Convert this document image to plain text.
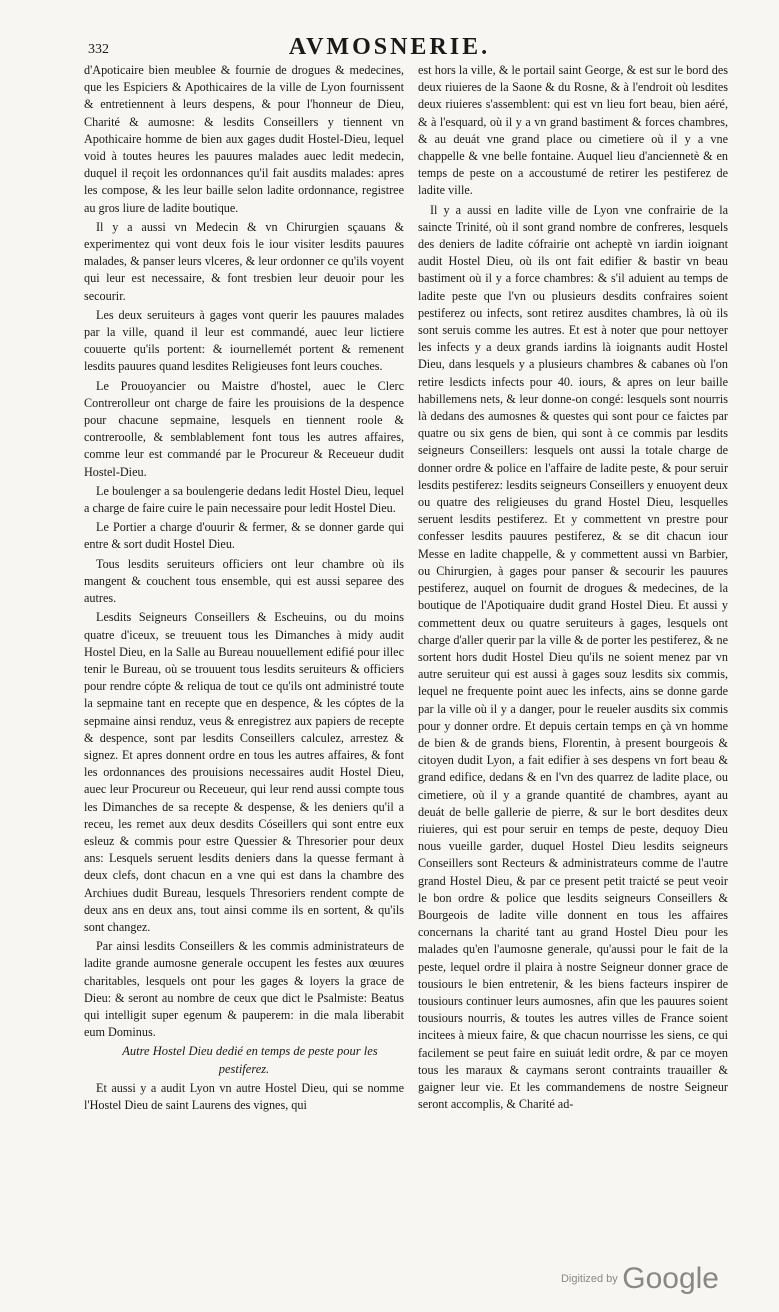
332	AVMOSNERIE.

d'Apoticaire bien meublee & fournie de drogues & medecines, que les Espiciers & Apothicaires de la ville de Lyon fournissent & entretiennent à leurs despens, & pour l'honneur de Dieu, Charité & aumosne: & lesdits Conseillers y tiennent vn Apothicaire homme de bien aux gages dudit Hostel-Dieu, lequel void à toutes heures les pauures malades auec ledit medecin, duquel il reçoit les ordonnances qu'il fait ausdits malades: apres les compose, & les leur baille selon ladite ordonnance, registree au gros liure de ladite boutique.

Il y a aussi vn Medecin & vn Chirurgien sçauans & experimentez qui vont deux fois le iour visiter lesdits pauures malades, & panser leurs vlceres, & leur ordonner ce qu'ils voyent qui leur est necessaire, & font tresbien leur deuoir pour les secourir.

Les deux seruiteurs à gages vont querir les pauures malades par la ville, quand il leur est commandé, auec leur lictiere couuerte qu'ils portent: & iournellemét portent & remenent lesdits pauures quand lesdites Religieuses font leurs couches.

Le Prouoyancier ou Maistre d'hostel, auec le Clerc Contrerolleur ont charge de faire les prouisions de la despence pour chacune sepmaine, lesquels en tiennent roole & contreroolle, & semblablement font tous les autres affaires, comme leur est commandé par le Procureur & Receueur dudit Hostel-Dieu.

Le boulenger a sa boulengerie dedans ledit Hostel Dieu, lequel a charge de faire cuire le pain necessaire pour ledit Hostel Dieu.

Le Portier a charge d'ouurir & fermer, & se donner garde qui entre & sort dudit Hostel Dieu.

Tous lesdits seruiteurs officiers ont leur chambre où ils mangent & couchent tous ensemble, qui est aussi separee des autres.

Lesdits Seigneurs Conseillers & Escheuins, ou du moins quatre d'iceux, se treuuent tous les Dimanches à midy audit Hostel Dieu, en la Salle au Bureau nouuellement edifié pour illec tenir le Bureau, où se trouuent tous lesdits seruiteurs & officiers pour rendre cópte & reliqua de tout ce qu'ils ont administré toute la sepmaine tant en recepte que en despence, & les cóptes de la sepmaine ainsi renduz, veus & enregistrez aux papiers de recepte & despence, sont par lesdits Conseillers calculez, arrestez & signez. Et apres donnent ordre en tous les autres affaires, & font les ordonnances des prouisions necessaires audit Hostel Dieu, auec leur Procureur ou Receueur, qui leur rend aussi compte tous les Dimanches de sa recepte & despense, & les deniers qu'il a receu, les remet aux deux desdits Cóseillers qui sont entre eux esleuz & commis pour estre Quessier & Thresorier pour deux ans: Lesquels seruent lesdits deniers dans la quesse fermant à deux clefs, dont chacun en a vne qui est dans la chambre des Archiues dudit Bureau, lesquels Thresoriers rendent compte de deux ans en deux ans, tout ainsi comme ils en sortent, & qu'ils sont changez.

Par ainsi lesdits Conseillers & les commis administrateurs de ladite grande aumosne generale occupent les festes aux œuures charitables, lesquels ont pour les gages & loyers la grace de Dieu: & seront au nombre de ceux que dict le Psalmiste: Beatus qui intelligit super egenum & pauperem: in die mala liberabit eum Dominus.

Autre Hostel Dieu dedié en temps de peste pour les pestiferez.

Et aussi y a audit Lyon vn autre Hostel Dieu, qui se nomme l'Hostel Dieu de saint Laurens des vignes, qui

est hors la ville, & le portail saint George, & est sur le bord des deux riuieres de la Saone & du Rosne, & à l'endroit où lesdites deux riuieres s'assemblent: qui est vn lieu fort beau, bien aéré, & à l'esquard, où il y a vn grand bastiment & forces chambres, & au deuát vne grand place ou cimetiere où il y a vne chappelle & vne belle fontaine. Auquel lieu d'anciennetè & en temps de peste on a accoustumé de retirer les pestiferez de ladite ville.

Il y a aussi en ladite ville de Lyon vne confrairie de la saincte Trinité, où il sont grand nombre de confreres, lesquels des deniers de ladite cófrairie ont acheptè vn iardin ioignant audit Hostel Dieu, où ils ont fait edifier & bastir vn beau bastiment où il y a force chambres: & s'il aduient au temps de ladite peste que l'vn ou plusieurs desdits confraires soient pestiferez ou infects, sont retirez ausdites chambres, là où ils sont seruis comme les autres. Et est à noter que pour nettoyer les infects y a deux grands iardins là ioignants audit Hostel Dieu, dans lesquels y a plusieurs chambres & cabanes où l'on retire lesdicts infects pour 40. iours, & apres on leur baille habillemens nets, & leur donne-on congé: lesquels sont nourris là dedans des aumosnes & questes qui sont pour ce faictes par quatre ou six gens de bien, qui sont à ce commis par lesdits seigneurs Conseillers: lesquels ont aussi la totale charge de donner ordre & police en l'affaire de ladite peste, & pour seruir lesdits pestiferez: lesdits seigneurs Conseillers y enuoyent deux ou quatre des religieuses du grand Hostel Dieu, lesquelles seruent lesdits pestiferez. Et y commettent vn prestre pour confesser lesdits pauures pestiferez, & se dit chacun iour Messe en ladite chappelle, & y commettent aussi vn Barbier, ou Chirurgien, à gages pour panser & secourir les pauures pestiferez, auquel on fournit de drogues & medecines, de la boutique de l'Apotiquaire dudit grand Hostel Dieu. Et aussi y commettent deux ou quatre seruiteurs à gages, lesquels ont charge d'aller querir par la ville & de porter les pestiferez, & ne sortent hors dudit Hostel Dieu qu'ils ne soient menez par vn autre seruiteur qui est aussi à gages souz lesdits six commis, lequel ne frequente point auec les infects, ains se donne garde par la ville où il y a danger, pour le reueler ausdits six commis pour y donner ordre. Et depuis certain temps en çà vn homme de bien & de grands biens, Florentin, à present bourgeois & citoyen dudit Lyon, a fait edifier à ses despens vn fort beau & grand edifice, dedans & en l'vn des quarrez de ladite place, ou cimetiere, où il y a grande quantité de chambres, ayant au deuát de belle gallerie de pierre, & sur le bort desdites deux riuieres, qui est pour seruir en temps de peste, dequoy Dieu nous vueille garder, duquel Hostel Dieu lesdits seigneurs Conseillers sont Recteurs & administrateurs comme de l'autre grand Hostel Dieu, & par ce present petit traicté se peut veoir le bon ordre & police que lesdits seigneurs Conseillers & Bourgeois de ladite ville donnent en tous les affaires concernans la charité tant au grand Hostel Dieu pour les malades qu'en l'aumosne generale, qu'aussi pour le fait de la peste, lequel ordre il plaira à nostre Seigneur donner grace de tousiours le bien entretenir, & les biens facteurs inspirer de tousiours continuer leurs aumosnes, afin que les pauures soient tousiours nourris, & toutes les autres villes de France soient incitees à mieux faire, & que chacun nourrisse les siens, ce qui facilement se peut faire en suiuát ledit ordre, & par ce moyen tous les maraux & caymans seront contraints trauailler & gaigner leur vie. Et les commandemens de nostre Seigneur seront accomplis, & Charité ad-

Digitized by Google
